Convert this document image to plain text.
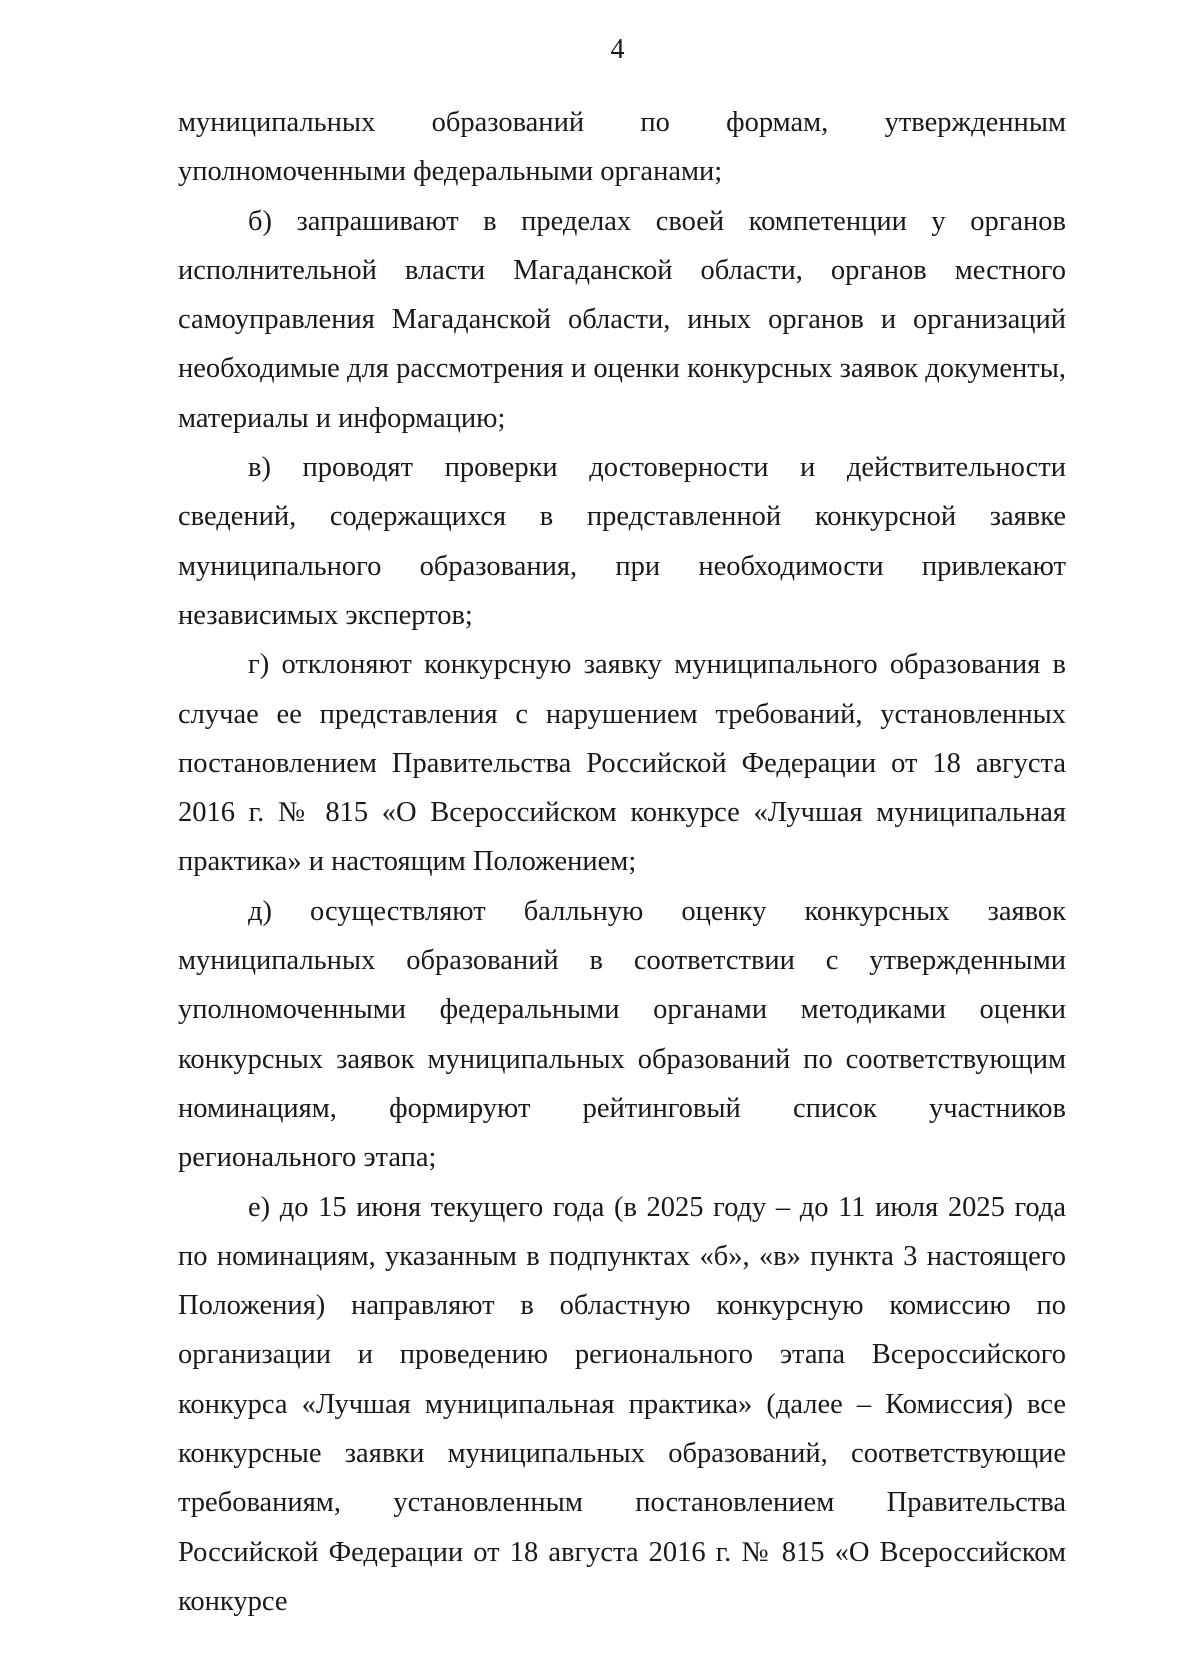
4

муниципальных образований по формам, утвержденным уполномоченными федеральными органами;

б) запрашивают в пределах своей компетенции у органов исполнительной власти Магаданской области, органов местного самоуправления Магаданской области, иных органов и организаций необходимые для рассмотрения и оценки конкурсных заявок документы, материалы и информацию;

в) проводят проверки достоверности и действительности сведений, содержащихся в представленной конкурсной заявке муниципального образования, при необходимости привлекают независимых экспертов;

г) отклоняют конкурсную заявку муниципального образования в случае ее представления с нарушением требований, установленных постановлением Правительства Российской Федерации от 18 августа 2016 г. № 815 «О Всероссийском конкурсе «Лучшая муниципальная практика» и настоящим Положением;

д) осуществляют балльную оценку конкурсных заявок муниципальных образований в соответствии с утвержденными уполномоченными федеральными органами методиками оценки конкурсных заявок муниципальных образований по соответствующим номинациям, формируют рейтинговый список участников регионального этапа;

е) до 15 июня текущего года (в 2025 году – до 11 июля 2025 года по номинациям, указанным в подпунктах «б», «в» пункта 3 настоящего Положения) направляют в областную конкурсную комиссию по организации и проведению регионального этапа Всероссийского конкурса «Лучшая муниципальная практика» (далее – Комиссия) все конкурсные заявки муниципальных образований, соответствующие требованиям, установленным постановлением Правительства Российской Федерации от 18 августа 2016 г. № 815 «О Всероссийском конкурсе
